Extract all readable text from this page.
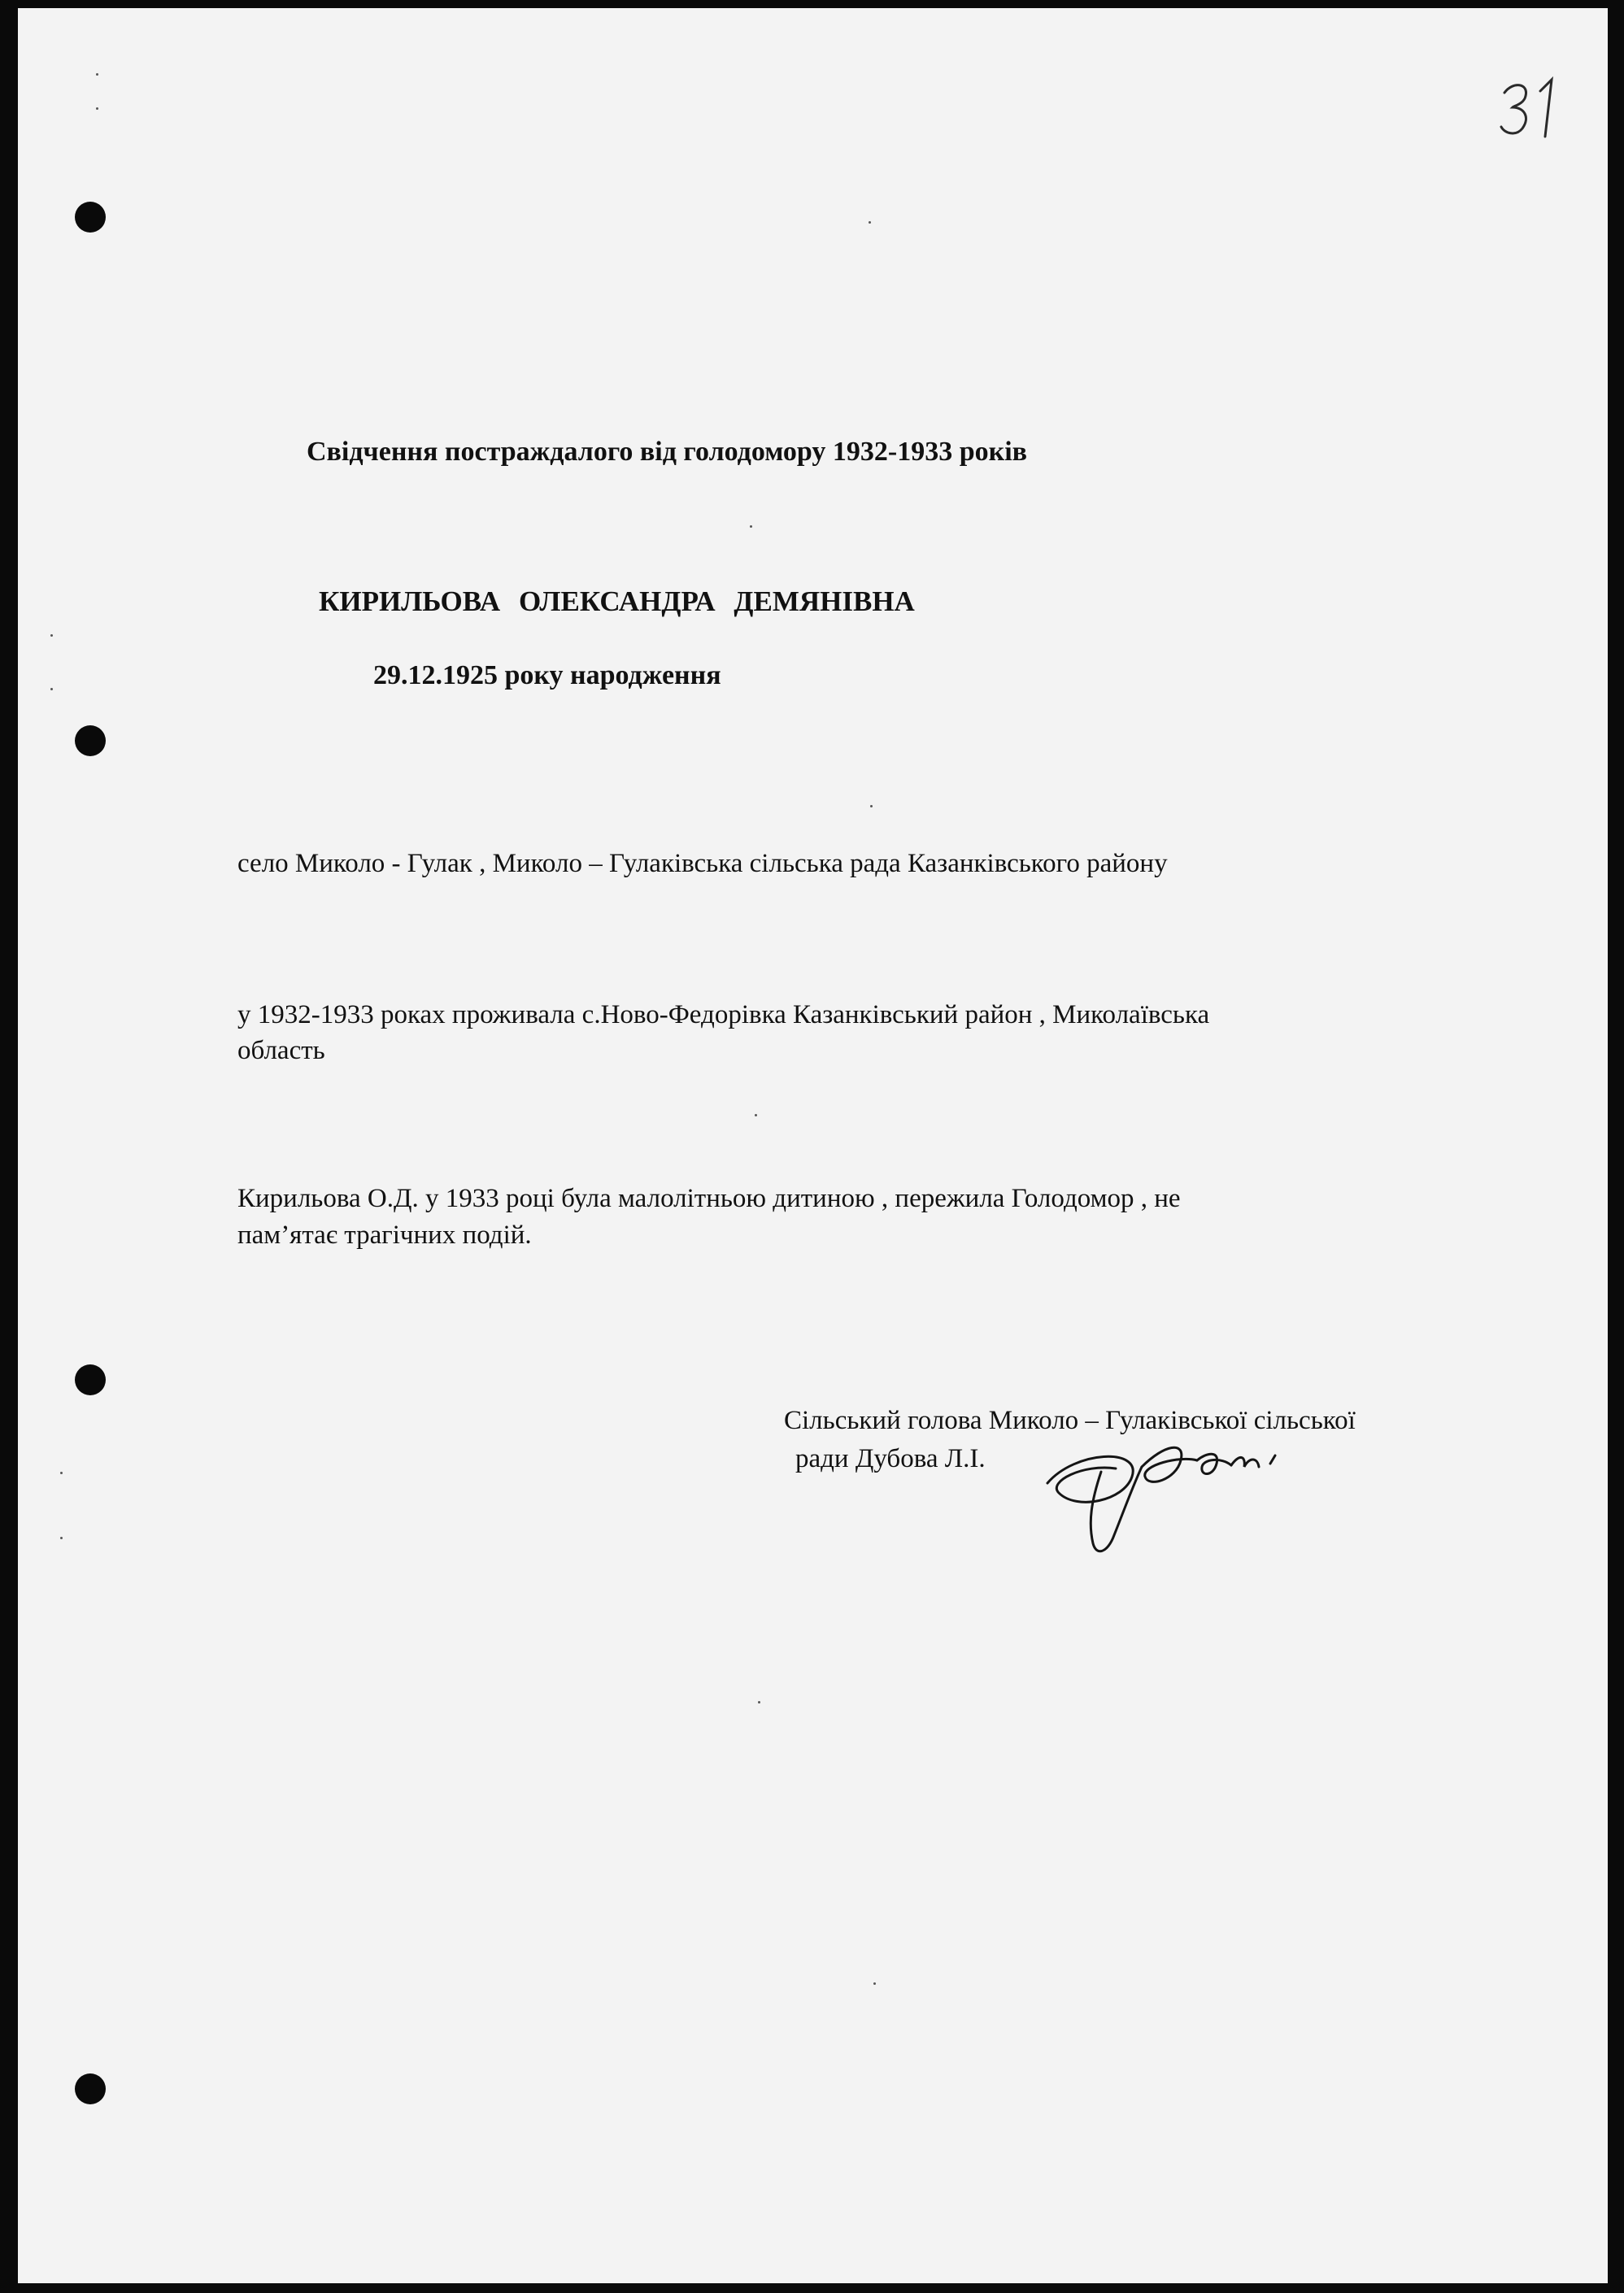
Свідчення постраждалого від голодомору 1932-1933 років

КИРИЛЬОВА ОЛЕКСАНДРА ДЕМЯНІВНА

29.12.1925 року народження

село Миколо - Гулак , Миколо – Гулаківська сільська рада Казанківського району

у 1932-1933 роках проживала с.Ново-Федорівка Казанківський район , Миколаївська

область

Кирильова О.Д. у 1933 році була малолітньою дитиною , пережила Голодомор , не

пам’ятає трагічних подій.

Сільський голова Миколо – Гулаківської сільської

ради Дубова Л.І.
